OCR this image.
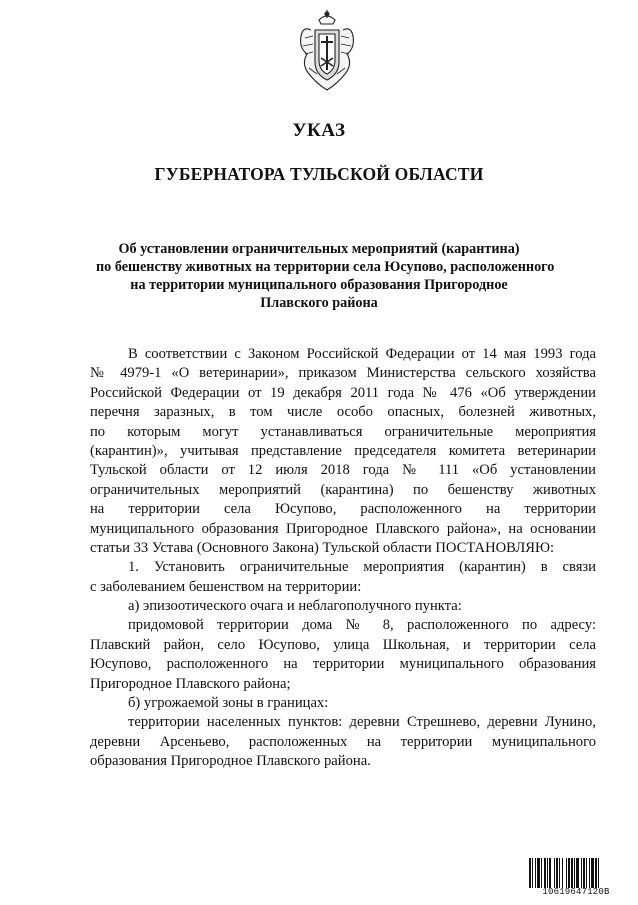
УКАЗ
ГУБЕРНАТОРА ТУЛЬСКОЙ ОБЛАСТИ
Об установлении ограничительных мероприятий (карантина)
по бешенству животных на территории села Юсупово, расположенного
на территории муниципального образования Пригородное
Плавского района
В соответствии с Законом Российской Федерации от 14 мая 1993 года
№ 4979-1 «О ветеринарии», приказом Министерства сельского хозяйства
Российской Федерации от 19 декабря 2011 года № 476 «Об утверждении
перечня заразных, в том числе особо опасных, болезней животных,
по которым могут устанавливаться ограничительные мероприятия
(карантин)», учитывая представление председателя комитета ветеринарии
Тульской области от 12 июля 2018 года № 111 «Об установлении
ограничительных мероприятий (карантина) по бешенству животных
на территории села Юсупово, расположенного на территории
муниципального образования Пригородное Плавского района», на основании
статьи 33 Устава (Основного Закона) Тульской области ПОСТАНОВЛЯЮ:
1. Установить ограничительные мероприятия (карантин) в связи
с заболеванием бешенством на территории:
а) эпизоотического очага и неблагополучного пункта:
придомовой территории дома № 8, расположенного по адресу:
Плавский район, село Юсупово, улица Школьная, и территории села
Юсупово, расположенного на территории муниципального образования
Пригородное Плавского района;
б) угрожаемой зоны в границах:
территории населенных пунктов: деревни Стрешнево, деревни Лунино,
деревни Арсеньево, расположенных на территории муниципального
образования Пригородное Плавского района.
10619647120В
